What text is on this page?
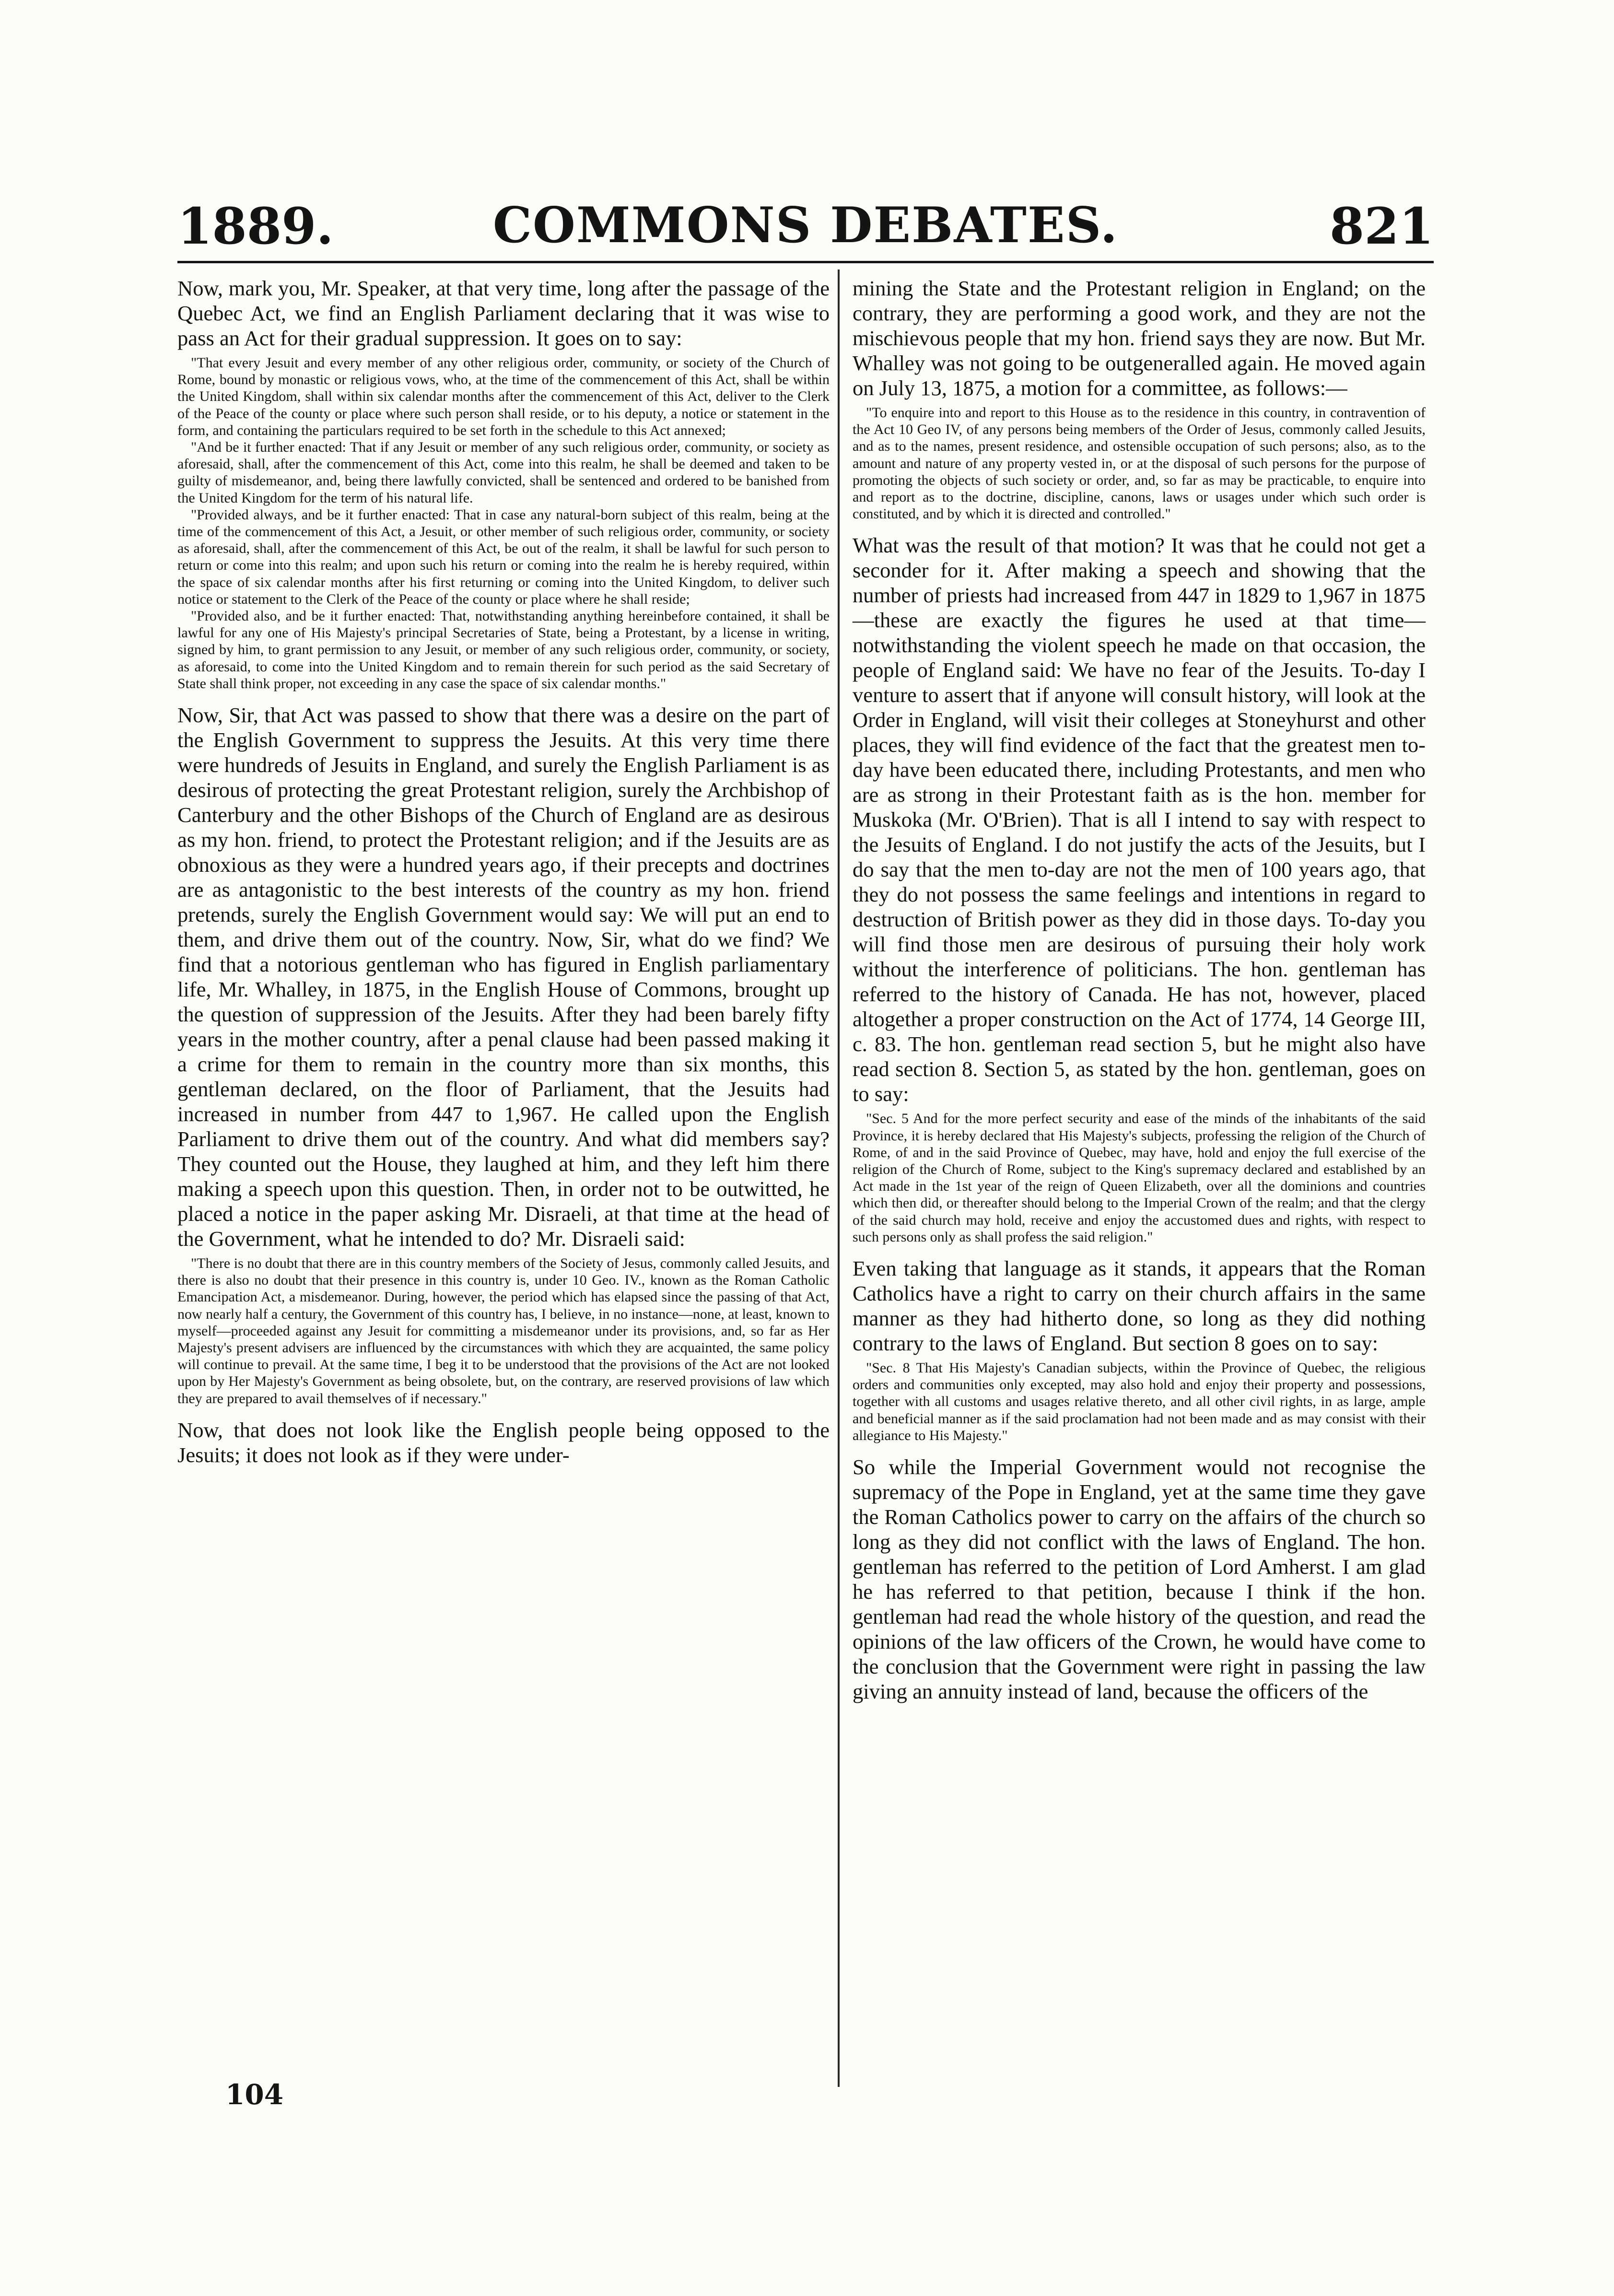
1889.	COMMONS DEBATES.	821

Now, mark you, Mr. Speaker, at that very time, long after the passage of the Quebec Act, we find an English Parliament declaring that it was wise to pass an Act for their gradual suppression. It goes on to say:

"That every Jesuit and every member of any other religious order, community, or society of the Church of Rome, bound by monastic or religious vows, who, at the time of the commencement of this Act, shall be within the United Kingdom, shall within six calendar months after the commencement of this Act, deliver to the Clerk of the Peace of the county or place where such person shall reside, or to his deputy, a notice or statement in the form, and containing the particulars required to be set forth in the schedule to this Act annexed;

"And be it further enacted: That if any Jesuit or member of any such religious order, community, or society as aforesaid, shall, after the commencement of this Act, come into this realm, he shall be deemed and taken to be guilty of misdemeanor, and, being there lawfully convicted, shall be sentenced and ordered to be banished from the United Kingdom for the term of his natural life.

"Provided always, and be it further enacted: That in case any natural-born subject of this realm, being at the time of the commencement of this Act, a Jesuit, or other member of such religious order, community, or society as aforesaid, shall, after the commencement of this Act, be out of the realm, it shall be lawful for such person to return or come into this realm; and upon such his return or coming into the realm he is hereby required, within the space of six calendar months after his first returning or coming into the United Kingdom, to deliver such notice or statement to the Clerk of the Peace of the county or place where he shall reside;

"Provided also, and be it further enacted: That, notwithstanding anything hereinbefore contained, it shall be lawful for any one of His Majesty's principal Secretaries of State, being a Protestant, by a license in writing, signed by him, to grant permission to any Jesuit, or member of any such religious order, community, or society, as aforesaid, to come into the United Kingdom and to remain therein for such period as the said Secretary of State shall think proper, not exceeding in any case the space of six calendar months."

Now, Sir, that Act was passed to show that there was a desire on the part of the English Government to suppress the Jesuits. At this very time there were hundreds of Jesuits in England, and surely the English Parliament is as desirous of protecting the great Protestant religion, surely the Archbishop of Canterbury and the other Bishops of the Church of England are as desirous as my hon. friend, to protect the Protestant religion; and if the Jesuits are as obnoxious as they were a hundred years ago, if their precepts and doctrines are as antagonistic to the best interests of the country as my hon. friend pretends, surely the English Government would say: We will put an end to them, and drive them out of the country. Now, Sir, what do we find? We find that a notorious gentleman who has figured in English parliamentary life, Mr. Whalley, in 1875, in the English House of Commons, brought up the question of suppression of the Jesuits. After they had been barely fifty years in the mother country, after a penal clause had been passed making it a crime for them to remain in the country more than six months, this gentleman declared, on the floor of Parliament, that the Jesuits had increased in number from 447 to 1,967. He called upon the English Parliament to drive them out of the country. And what did members say? They counted out the House, they laughed at him, and they left him there making a speech upon this question. Then, in order not to be outwitted, he placed a notice in the paper asking Mr. Disraeli, at that time at the head of the Government, what he intended to do? Mr. Disraeli said:

"There is no doubt that there are in this country members of the Society of Jesus, commonly called Jesuits, and there is also no doubt that their presence in this country is, under 10 Geo. IV., known as the Roman Catholic Emancipation Act, a misdemeanor. During, however, the period which has elapsed since the passing of that Act, now nearly half a century, the Government of this country has, I believe, in no instance—none, at least, known to myself—proceeded against any Jesuit for committing a misdemeanor under its provisions, and, so far as Her Majesty's present advisers are influenced by the circumstances with which they are acquainted, the same policy will continue to prevail. At the same time, I beg it to be understood that the provisions of the Act are not looked upon by Her Majesty's Government as being obsolete, but, on the contrary, are reserved provisions of law which they are prepared to avail themselves of if necessary."

Now, that does not look like the English people being opposed to the Jesuits; it does not look as if they were under-

mining the State and the Protestant religion in England; on the contrary, they are performing a good work, and they are not the mischievous people that my hon. friend says they are now. But Mr. Whalley was not going to be outgeneralled again. He moved again on July 13, 1875, a motion for a committee, as follows:—

"To enquire into and report to this House as to the residence in this country, in contravention of the Act 10 Geo IV, of any persons being members of the Order of Jesus, commonly called Jesuits, and as to the names, present residence, and ostensible occupation of such persons; also, as to the amount and nature of any property vested in, or at the disposal of such persons for the purpose of promoting the objects of such society or order, and, so far as may be practicable, to enquire into and report as to the doctrine, discipline, canons, laws or usages under which such order is constituted, and by which it is directed and controlled."

What was the result of that motion? It was that he could not get a seconder for it. After making a speech and showing that the number of priests had increased from 447 in 1829 to 1,967 in 1875—these are exactly the figures he used at that time—notwithstanding the violent speech he made on that occasion, the people of England said: We have no fear of the Jesuits. To-day I venture to assert that if anyone will consult history, will look at the Order in England, will visit their colleges at Stoneyhurst and other places, they will find evidence of the fact that the greatest men to-day have been educated there, including Protestants, and men who are as strong in their Protestant faith as is the hon. member for Muskoka (Mr. O'Brien). That is all I intend to say with respect to the Jesuits of England. I do not justify the acts of the Jesuits, but I do say that the men to-day are not the men of 100 years ago, that they do not possess the same feelings and intentions in regard to destruction of British power as they did in those days. To-day you will find those men are desirous of pursuing their holy work without the interference of politicians. The hon. gentleman has referred to the history of Canada. He has not, however, placed altogether a proper construction on the Act of 1774, 14 George III, c. 83. The hon. gentleman read section 5, but he might also have read section 8. Section 5, as stated by the hon. gentleman, goes on to say:

"Sec. 5 And for the more perfect security and ease of the minds of the inhabitants of the said Province, it is hereby declared that His Majesty's subjects, professing the religion of the Church of Rome, of and in the said Province of Quebec, may have, hold and enjoy the full exercise of the religion of the Church of Rome, subject to the King's supremacy declared and established by an Act made in the 1st year of the reign of Queen Elizabeth, over all the dominions and countries which then did, or thereafter should belong to the Imperial Crown of the realm; and that the clergy of the said church may hold, receive and enjoy the accustomed dues and rights, with respect to such persons only as shall profess the said religion."

Even taking that language as it stands, it appears that the Roman Catholics have a right to carry on their church affairs in the same manner as they had hitherto done, so long as they did nothing contrary to the laws of England. But section 8 goes on to say:

"Sec. 8 That His Majesty's Canadian subjects, within the Province of Quebec, the religious orders and communities only excepted, may also hold and enjoy their property and possessions, together with all customs and usages relative thereto, and all other civil rights, in as large, ample and beneficial manner as if the said proclamation had not been made and as may consist with their allegiance to His Majesty."

So while the Imperial Government would not recognise the supremacy of the Pope in England, yet at the same time they gave the Roman Catholics power to carry on the affairs of the church so long as they did not conflict with the laws of England. The hon. gentleman has referred to the petition of Lord Amherst. I am glad he has referred to that petition, because I think if the hon. gentleman had read the whole history of the question, and read the opinions of the law officers of the Crown, he would have come to the conclusion that the Government were right in passing the law giving an annuity instead of land, because the officers of the

104
